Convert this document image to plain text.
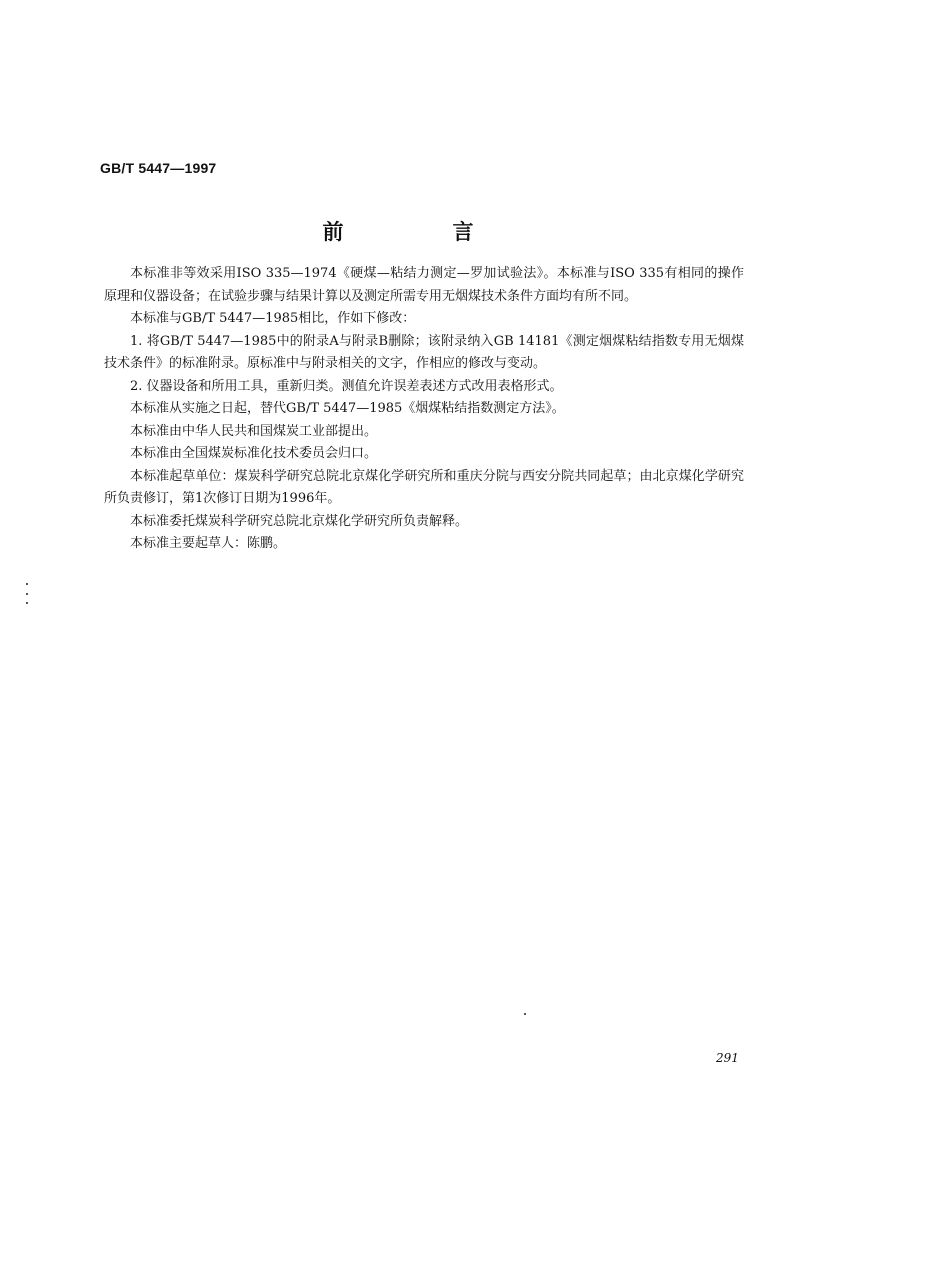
GB/T 5447—1997
前　言

本标准非等效采用ISO 335—1974《硬煤—粘结力测定—罗加试验法》。本标准与ISO 335有相同的操作原理和仪器设备；在试验步骤与结果计算以及测定所需专用无烟煤技术条件方面均有所不同。

本标准与GB/T 5447—1985相比，作如下修改：

1. 将GB/T 5447—1985中的附录A与附录B删除；该附录纳入GB 14181《测定烟煤粘结指数专用无烟煤技术条件》的标准附录。原标准中与附录相关的文字，作相应的修改与变动。

2. 仪器设备和所用工具，重新归类。测值允许误差表述方式改用表格形式。

本标准从实施之日起，替代GB/T 5447—1985《烟煤粘结指数测定方法》。

本标准由中华人民共和国煤炭工业部提出。

本标准由全国煤炭标准化技术委员会归口。

本标准起草单位：煤炭科学研究总院北京煤化学研究所和重庆分院与西安分院共同起草；由北京煤化学研究所负责修订，第1次修订日期为1996年。

本标准委托煤炭科学研究总院北京煤化学研究所负责解释。

本标准主要起草人：陈鹏。

291
